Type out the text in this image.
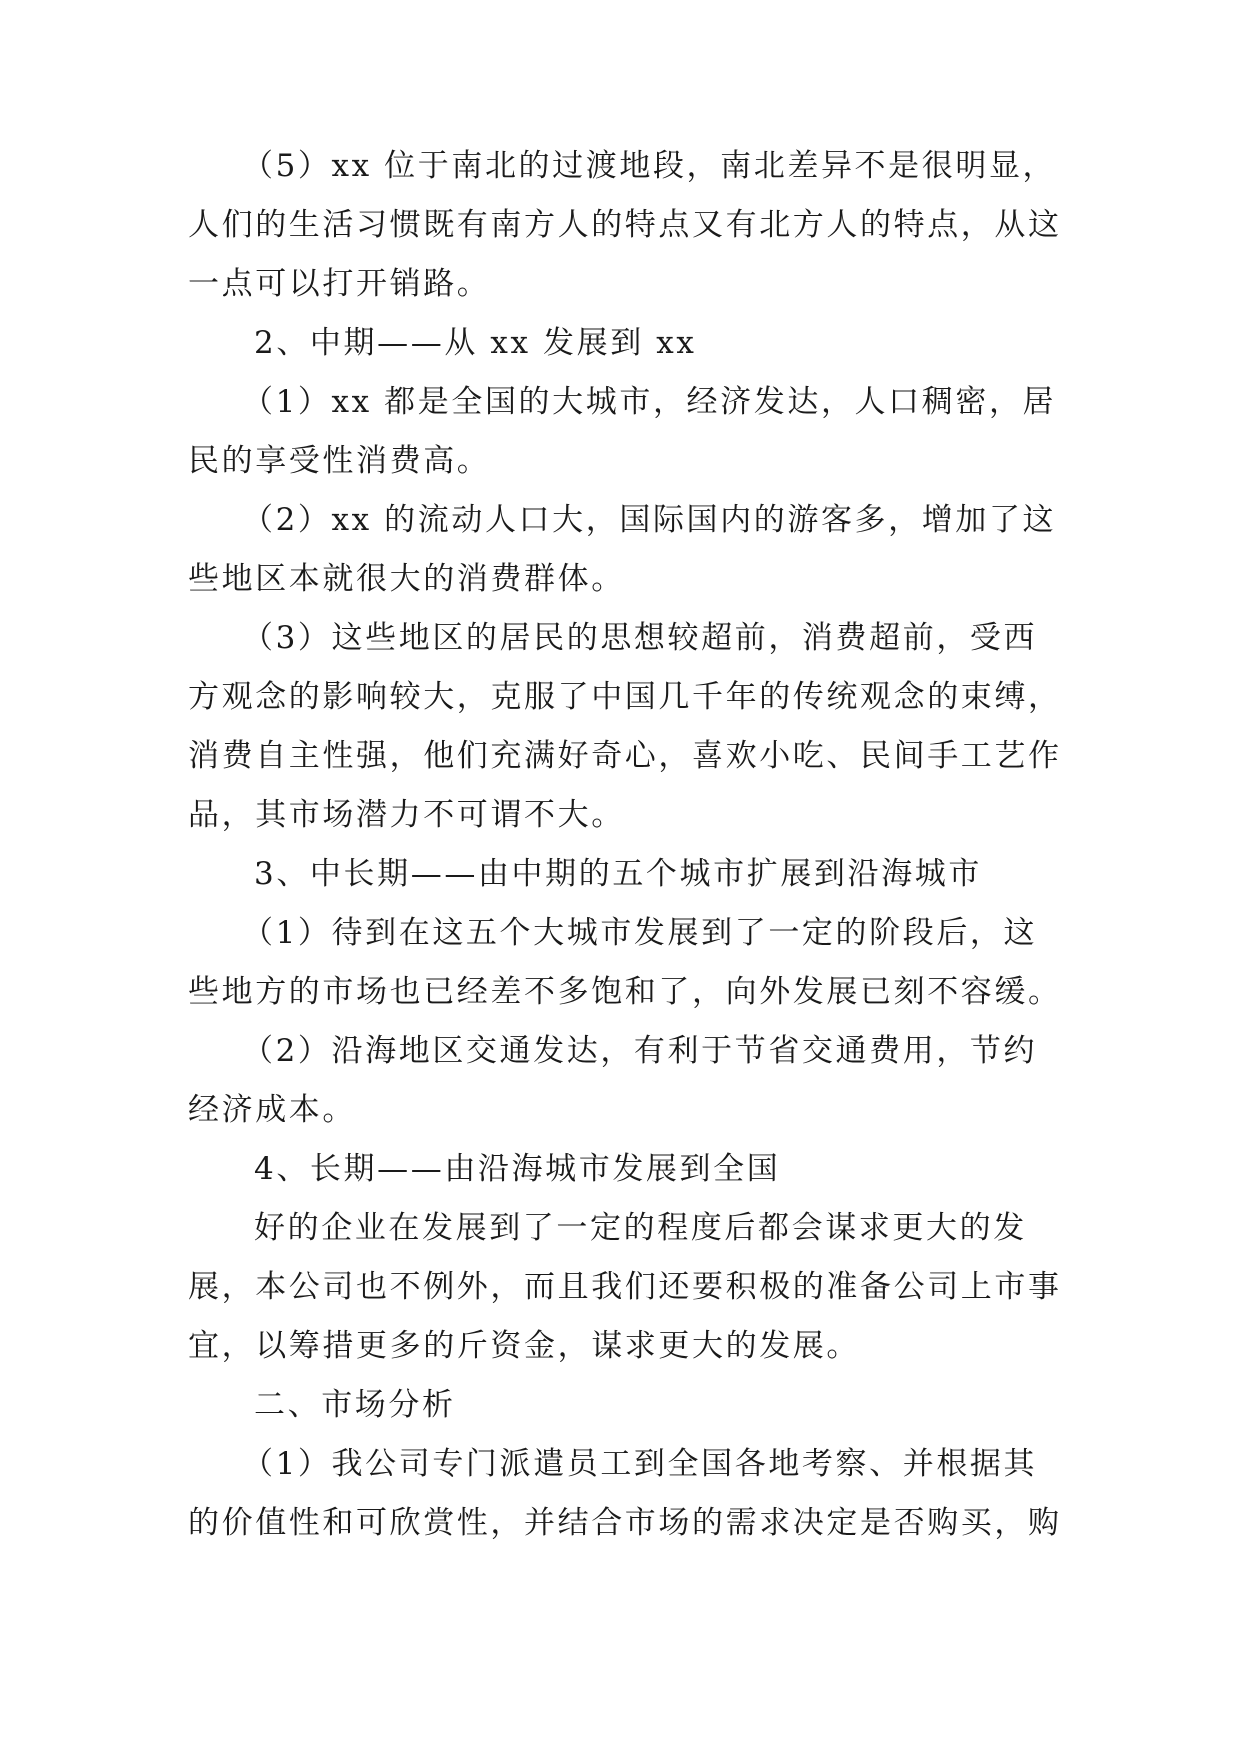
（5）xx 位于南北的过渡地段，南北差异不是很明显，
人们的生活习惯既有南方人的特点又有北方人的特点，从这
一点可以打开销路。
2、中期——从 xx 发展到 xx
（1）xx 都是全国的大城市，经济发达，人口稠密，居
民的享受性消费高。
（2）xx 的流动人口大，国际国内的游客多，增加了这
些地区本就很大的消费群体。
（3）这些地区的居民的思想较超前，消费超前，受西
方观念的影响较大，克服了中国几千年的传统观念的束缚，
消费自主性强，他们充满好奇心，喜欢小吃、民间手工艺作
品，其市场潜力不可谓不大。
3、中长期——由中期的五个城市扩展到沿海城市
（1）待到在这五个大城市发展到了一定的阶段后，这
些地方的市场也已经差不多饱和了，向外发展已刻不容缓。
（2）沿海地区交通发达，有利于节省交通费用，节约
经济成本。
4、长期——由沿海城市发展到全国
好的企业在发展到了一定的程度后都会谋求更大的发
展，本公司也不例外，而且我们还要积极的准备公司上市事
宜，以筹措更多的斤资金，谋求更大的发展。
二、市场分析
（1）我公司专门派遣员工到全国各地考察、并根据其
的价值性和可欣赏性，并结合市场的需求决定是否购买，购
